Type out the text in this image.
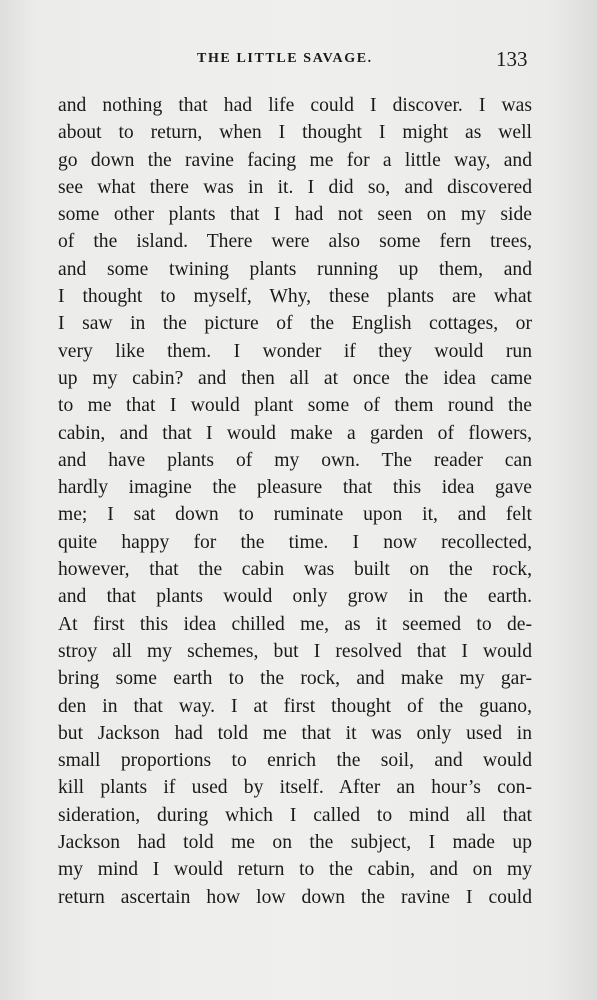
THE LITTLE SAVAGE.	133
and nothing that had life could I discover. I was
about to return, when I thought I might as well
go down the ravine facing me for a little way, and
see what there was in it. I did so, and discovered
some other plants that I had not seen on my side
of the island. There were also some fern trees,
and some twining plants running up them, and
I thought to myself, Why, these plants are what
I saw in the picture of the English cottages, or
very like them. I wonder if they would run
up my cabin? and then all at once the idea came
to me that I would plant some of them round the
cabin, and that I would make a garden of flowers,
and have plants of my own. The reader can
hardly imagine the pleasure that this idea gave
me; I sat down to ruminate upon it, and felt
quite happy for the time. I now recollected,
however, that the cabin was built on the rock,
and that plants would only grow in the earth.
At first this idea chilled me, as it seemed to de-
stroy all my schemes, but I resolved that I would
bring some earth to the rock, and make my gar-
den in that way. I at first thought of the guano,
but Jackson had told me that it was only used in
small proportions to enrich the soil, and would
kill plants if used by itself. After an hour’s con-
sideration, during which I called to mind all that
Jackson had told me on the subject, I made up
my mind I would return to the cabin, and on my
return ascertain how low down the ravine I could
